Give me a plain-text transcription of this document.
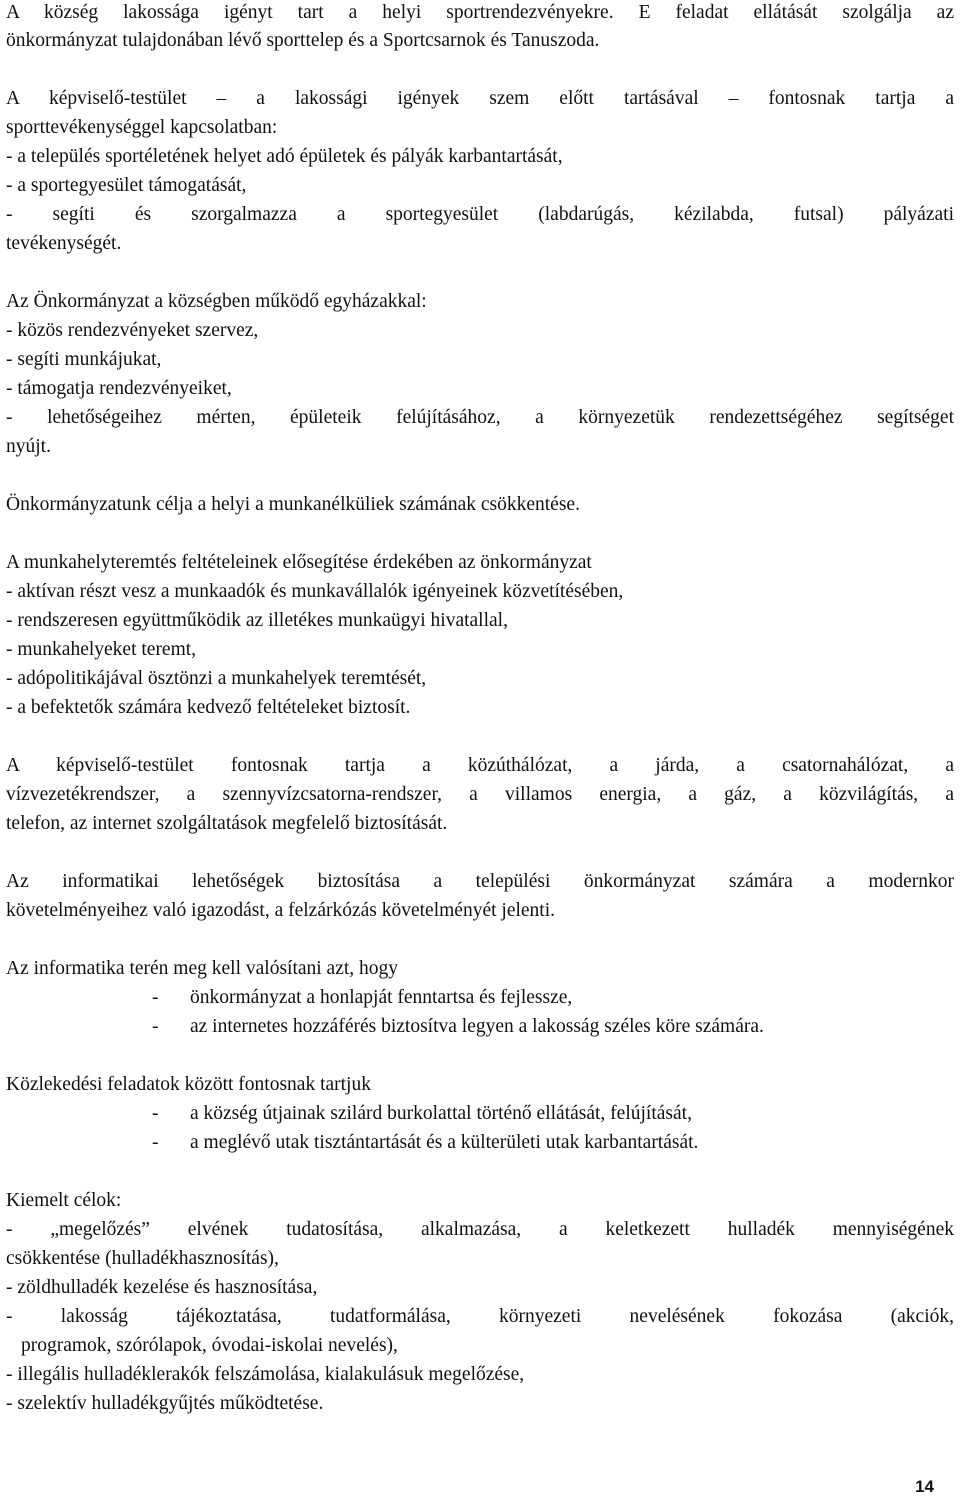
A község lakossága igényt tart a helyi sportrendezvényekre. E feladat ellátását szolgálja az
önkormányzat tulajdonában lévő sporttelep és a Sportcsarnok és Tanuszoda.
A képviselő-testület – a lakossági igények szem előtt tartásával – fontosnak tartja a
sporttevékenységgel kapcsolatban:
- a település sportéletének helyet adó épületek és pályák karbantartását,
- a sportegyesület támogatását,
- segíti és szorgalmazza a sportegyesület (labdarúgás, kézilabda, futsal) pályázati
tevékenységét.
Az Önkormányzat a községben működő egyházakkal:
- közös rendezvényeket szervez,
- segíti munkájukat,
- támogatja rendezvényeiket,
- lehetőségeihez mérten, épületeik felújításához, a környezetük rendezettségéhez segítséget
nyújt.
Önkormányzatunk célja a helyi a munkanélküliek számának csökkentése.
A munkahelyteremtés feltételeinek elősegítése érdekében az önkormányzat
- aktívan részt vesz a munkaadók és munkavállalók igényeinek közvetítésében,
- rendszeresen együttműködik az illetékes munkaügyi hivatallal,
- munkahelyeket teremt,
- adópolitikájával ösztönzi a munkahelyek teremtését,
- a befektetők számára kedvező feltételeket biztosít.
A képviselő-testület fontosnak tartja a közúthálózat, a járda, a csatornahálózat, a
vízvezetékrendszer, a szennyvízcsatorna-rendszer, a villamos energia, a gáz, a közvilágítás, a
telefon, az internet szolgáltatások megfelelő biztosítását.
Az informatikai lehetőségek biztosítása a települési önkormányzat számára a modernkor
követelményeihez való igazodást, a felzárkózás követelményét jelenti.
Az informatika terén meg kell valósítani azt, hogy
- önkormányzat a honlapját fenntartsa és fejlessze,
- az internetes hozzáférés biztosítva legyen a lakosság széles köre számára.
Közlekedési feladatok között fontosnak tartjuk
- a község útjainak szilárd burkolattal történő ellátását, felújítását,
- a meglévő utak tisztántartását és a külterületi utak karbantartását.
Kiemelt célok:
- „megelőzés” elvének tudatosítása, alkalmazása, a keletkezett hulladék mennyiségének
csökkentése (hulladékhasznosítás),
- zöldhulladék kezelése és hasznosítása,
- lakosság tájékoztatása, tudatformálása, környezeti nevelésének fokozása (akciók,
programok, szórólapok, óvodai-iskolai nevelés),
- illegális hulladéklerakók felszámolása, kialakulásuk megelőzése,
- szelektív hulladékgyűjtés működtetése.
14
